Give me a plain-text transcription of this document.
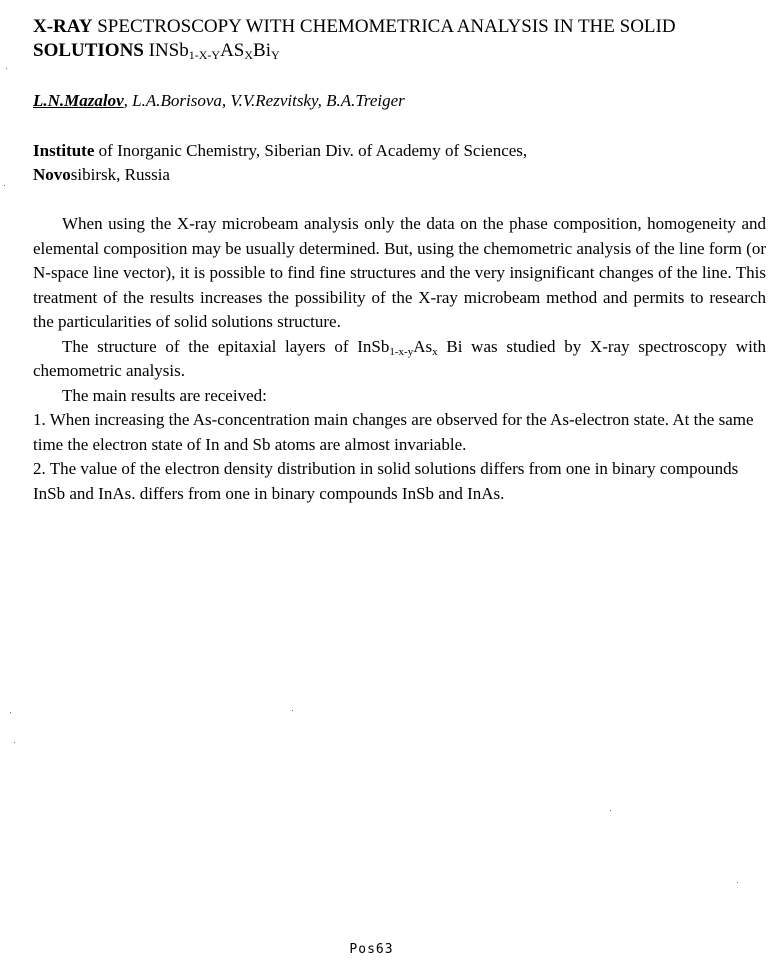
X-RAY SPECTROSCOPY WITH CHEMOMETRICA ANALYSIS IN THE SOLID
SOLUTIONS $INSb_{1-X-Y}AS_XBi_Y$

L.N.Mazalov, L.A.Borisova, V.V.Rezvitsky, B.A.Treiger

Institute of Inorganic Chemistry, Siberian Div. of Academy of Sciences,
Novosibirsk, Russia

When using the X-ray microbeam analysis only the data on the phase composition, homogeneity and elemental composition may be usually determined. But, using the chemometric analysis of the line form (or N-space line vector), it is possible to find fine structures and the very insignificant changes of the line. This treatment of the results increases the possibility of the X-ray microbeam method and permits to research the particularities of solid solutions structure.

The structure of the epitaxial layers of $InSb_{1-x-y}As_x$ Bi was studied by X-ray spectroscopy with chemometric analysis.

The main results are received:

1. When increasing the As-concentration main changes are observed for the As-electron state. At the same time the electron state of In and Sb atoms are almost invariable.

2. The value of the electron density distribution in solid solutions differs from one in binary compounds InSb and InAs. differs from one in binary compounds InSb and InAs.

Pos63
